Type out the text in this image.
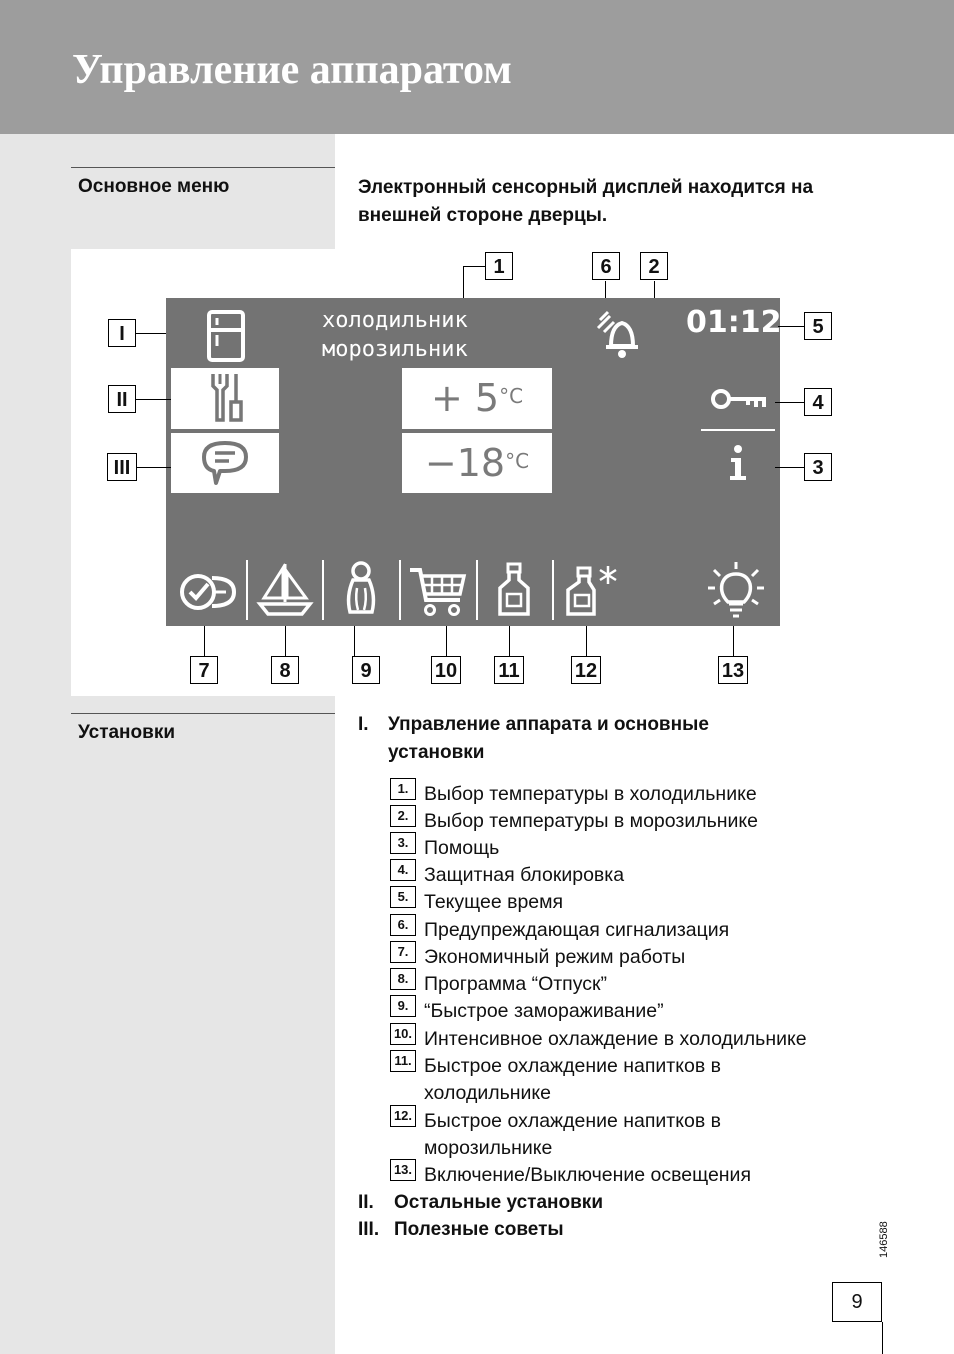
Управление аппаратом
Основное меню	Электронный сенсорный дисплей находится на внешней стороне дверцы.
холодильник
морозильник
01:12
+ $5^{^\circ C}$
$-18^{^\circ C}$
1	6	2
I
II
III
5
4
3
7	8	9	10 11	12	13
Установки	I. Управление аппарата и основные
установки
1. Выбор температуры в холодильнике
2. Выбор температуры в морозильнике
3. Помощь
4. Защитная блокировка
5. Текущее время
6. Предупреждающая сигнализация
7. Экономичный режим работы
8. Программа “Отпуск”
9. “Быстрое замораживание”
10. Интенсивное охлаждение в холодильнике
11. Быстрое охлаждение напитков в
холодильнике
12. Быстрое охлаждение напитков в
морозильнике
13. Включение/Выключение освещения
II. Остальные установки
III. Полезные советы	146588
9
